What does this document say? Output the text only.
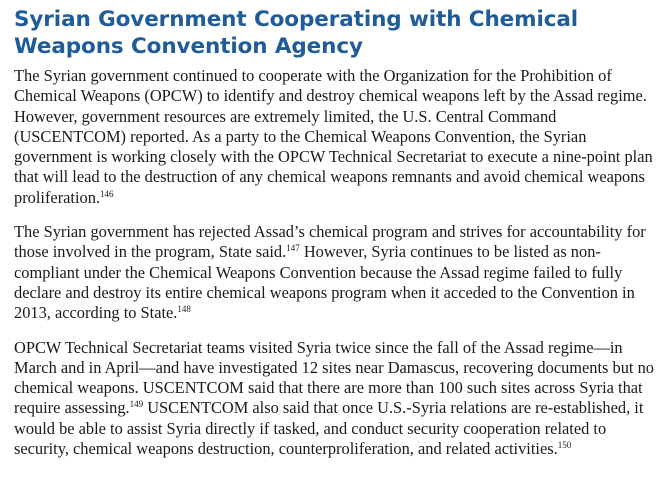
Syrian Government Cooperating with Chemical Weapons Convention Agency

The Syrian government continued to cooperate with the Organization for the Prohibition of Chemical Weapons (OPCW) to identify and destroy chemical weapons left by the Assad regime. However, government resources are extremely limited, the U.S. Central Command (USCENTCOM) reported. As a party to the Chemical Weapons Convention, the Syrian government is working closely with the OPCW Technical Secretariat to execute a nine-point plan that will lead to the destruction of any chemical weapons remnants and avoid chemical weapons proliferation.$^{146}$

The Syrian government has rejected Assad’s chemical program and strives for accountability for those involved in the program, State said.$^{147}$ However, Syria continues to be listed as non-compliant under the Chemical Weapons Convention because the Assad regime failed to fully declare and destroy its entire chemical weapons program when it acceded to the Convention in 2013, according to State.$^{148}$

OPCW Technical Secretariat teams visited Syria twice since the fall of the Assad regime—in March and in April—and have investigated 12 sites near Damascus, recovering documents but no chemical weapons. USCENTCOM said that there are more than 100 such sites across Syria that require assessing.$^{149}$ USCENTCOM also said that once U.S.-Syria relations are re-established, it would be able to assist Syria directly if tasked, and conduct security cooperation related to security, chemical weapons destruction, counterproliferation, and related activities.$^{150}$
